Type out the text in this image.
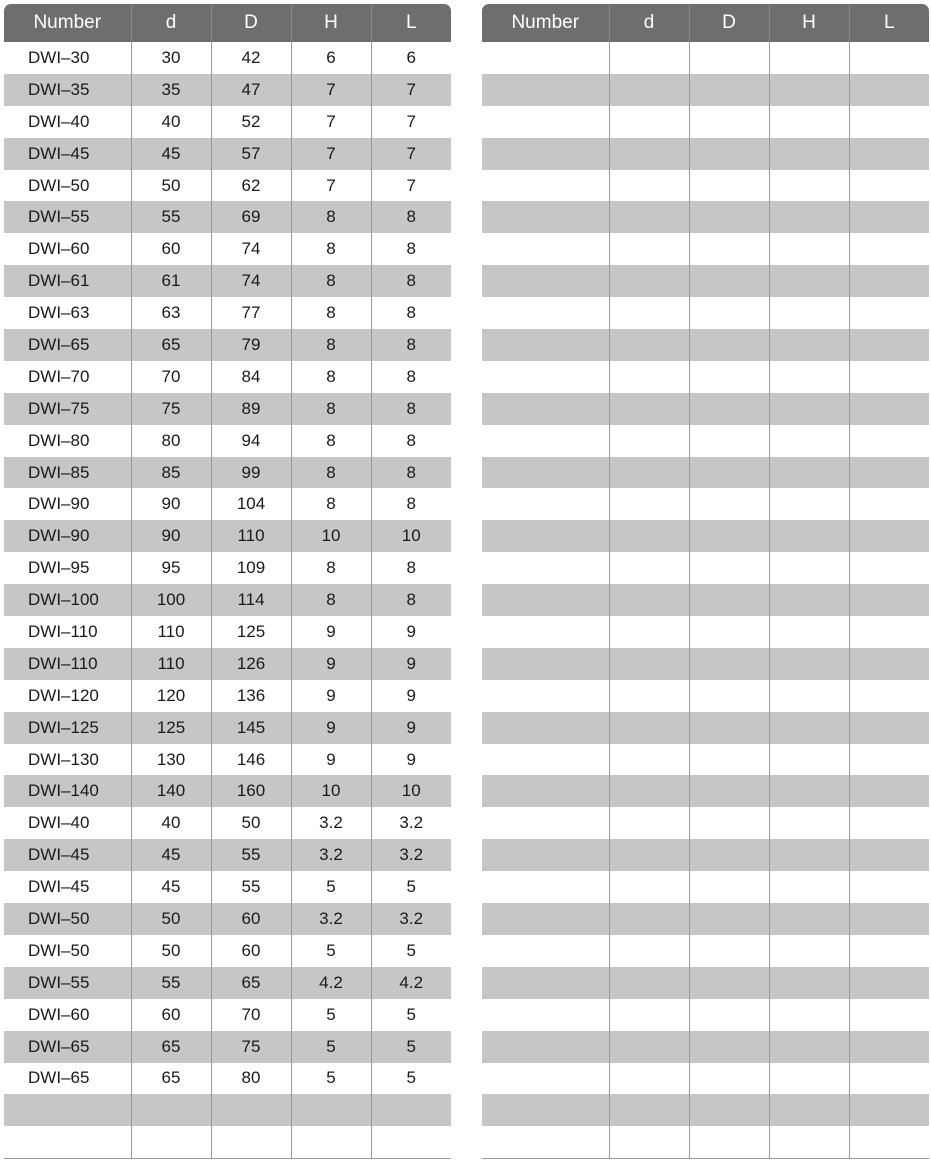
Number	d	D	H	L
DWI–30	30	42	6	6
DWI–35	35	47	7	7
DWI–40	40	52	7	7
DWI–45	45	57	7	7
DWI–50	50	62	7	7
DWI–55	55	69	8	8
DWI–60	60	74	8	8
DWI–61	61	74	8	8
DWI–63	63	77	8	8
DWI–65	65	79	8	8
DWI–70	70	84	8	8
DWI–75	75	89	8	8
DWI–80	80	94	8	8
DWI–85	85	99	8	8
DWI–90	90	104	8	8
DWI–90	90	110	10	10
DWI–95	95	109	8	8
DWI–100	100	114	8	8
DWI–110	110	125	9	9
DWI–110	110	126	9	9
DWI–120	120	136	9	9
DWI–125	125	145	9	9
DWI–130	130	146	9	9
DWI–140	140	160	10	10
DWI–40	40	50	3.2	3.2
DWI–45	45	55	3.2	3.2
DWI–45	45	55	5	5
DWI–50	50	60	3.2	3.2
DWI–50	50	60	5	5
DWI–55	55	65	4.2	4.2
DWI–60	60	70	5	5
DWI–65	65	75	5	5
DWI–65	65	80	5	5

Number	d	D	H	L
